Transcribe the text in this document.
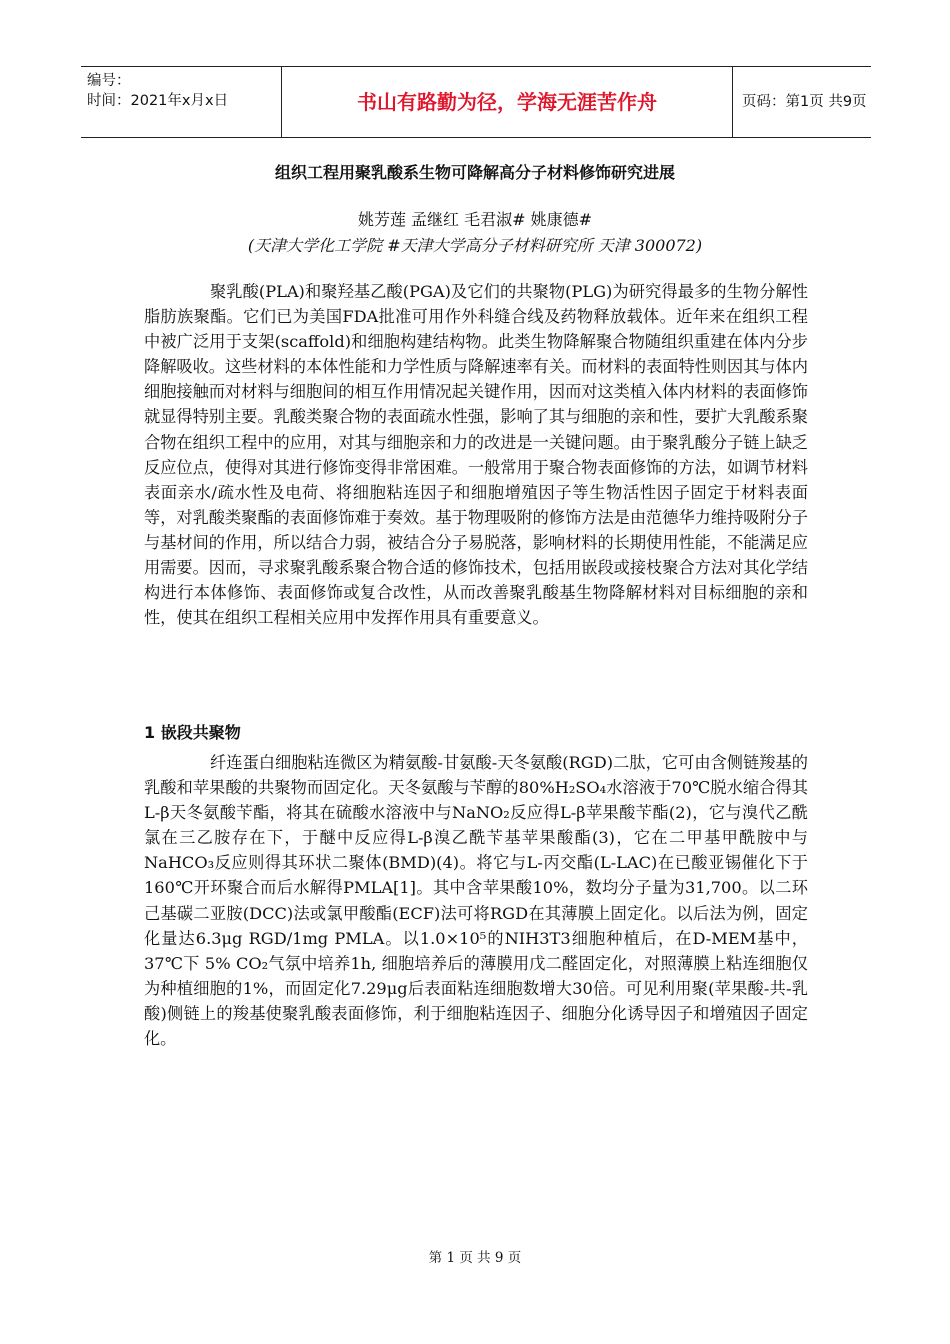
编号：
时间：2021年x月x日	书山有路勤为径，学海无涯苦作舟	页码：第1页 共9页
组织工程用聚乳酸系生物可降解高分子材料修饰研究进展
姚芳莲 孟继红 毛君淑# 姚康德#
(天津大学化工学院 #天津大学高分子材料研究所 天津 300072)

聚乳酸(PLA)和聚羟基乙酸(PGA)及它们的共聚物(PLG)为研究得最多的生物分解性脂肪族聚酯。它们已为美国FDA批准可用作外科缝合线及药物释放载体。近年来在组织工程中被广泛用于支架(scaffold)和细胞构建结构物。此类生物降解聚合物随组织重建在体内分步降解吸收。这些材料的本体性能和力学性质与降解速率有关。而材料的表面特性则因其与体内细胞接触而对材料与细胞间的相互作用情况起关键作用，因而对这类植入体内材料的表面修饰就显得特别主要。乳酸类聚合物的表面疏水性强，影响了其与细胞的亲和性，要扩大乳酸系聚合物在组织工程中的应用，对其与细胞亲和力的改进是一关键问题。由于聚乳酸分子链上缺乏反应位点，使得对其进行修饰变得非常困难。一般常用于聚合物表面修饰的方法，如调节材料表面亲水/疏水性及电荷、将细胞粘连因子和细胞增殖因子等生物活性因子固定于材料表面等，对乳酸类聚酯的表面修饰难于奏效。基于物理吸附的修饰方法是由范德华力维持吸附分子与基材间的作用，所以结合力弱，被结合分子易脱落，影响材料的长期使用性能，不能满足应用需要。因而，寻求聚乳酸系聚合物合适的修饰技术，包括用嵌段或接枝聚合方法对其化学结构进行本体修饰、表面修饰或复合改性，从而改善聚乳酸基生物降解材料对目标细胞的亲和性，使其在组织工程相关应用中发挥作用具有重要意义。

1 嵌段共聚物

纤连蛋白细胞粘连微区为精氨酸-甘氨酸-天冬氨酸(RGD)二肽，它可由含侧链羧基的乳酸和苹果酸的共聚物而固定化。天冬氨酸与苄醇的80%H₂SO₄水溶液于70℃脱水缩合得其L-β天冬氨酸苄酯，将其在硫酸水溶液中与NaNO₂反应得L-β苹果酸苄酯(2)，它与溴代乙酰氯在三乙胺存在下，于醚中反应得L-β溴乙酰苄基苹果酸酯(3)，它在二甲基甲酰胺中与NaHCO₃反应则得其环状二聚体(BMD)(4)。将它与L-丙交酯(L-LAC)在已酸亚锡催化下于160℃开环聚合而后水解得PMLA[1]。其中含苹果酸10%，数均分子量为31,700。以二环己基碳二亚胺(DCC)法或氯甲酸酯(ECF)法可将RGD在其薄膜上固定化。以后法为例，固定化量达6.3μg RGD/1mg PMLA。以1.0×10⁵的NIH3T3细胞种植后，在D-MEM基中，37℃下 5% CO₂气氛中培养1h, 细胞培养后的薄膜用戊二醛固定化，对照薄膜上粘连细胞仅为种植细胞的1%，而固定化7.29μg后表面粘连细胞数增大30倍。可见利用聚(苹果酸-共-乳酸)侧链上的羧基使聚乳酸表面修饰，利于细胞粘连因子、细胞分化诱导因子和增殖因子固定化。

第 1 页 共 9 页
